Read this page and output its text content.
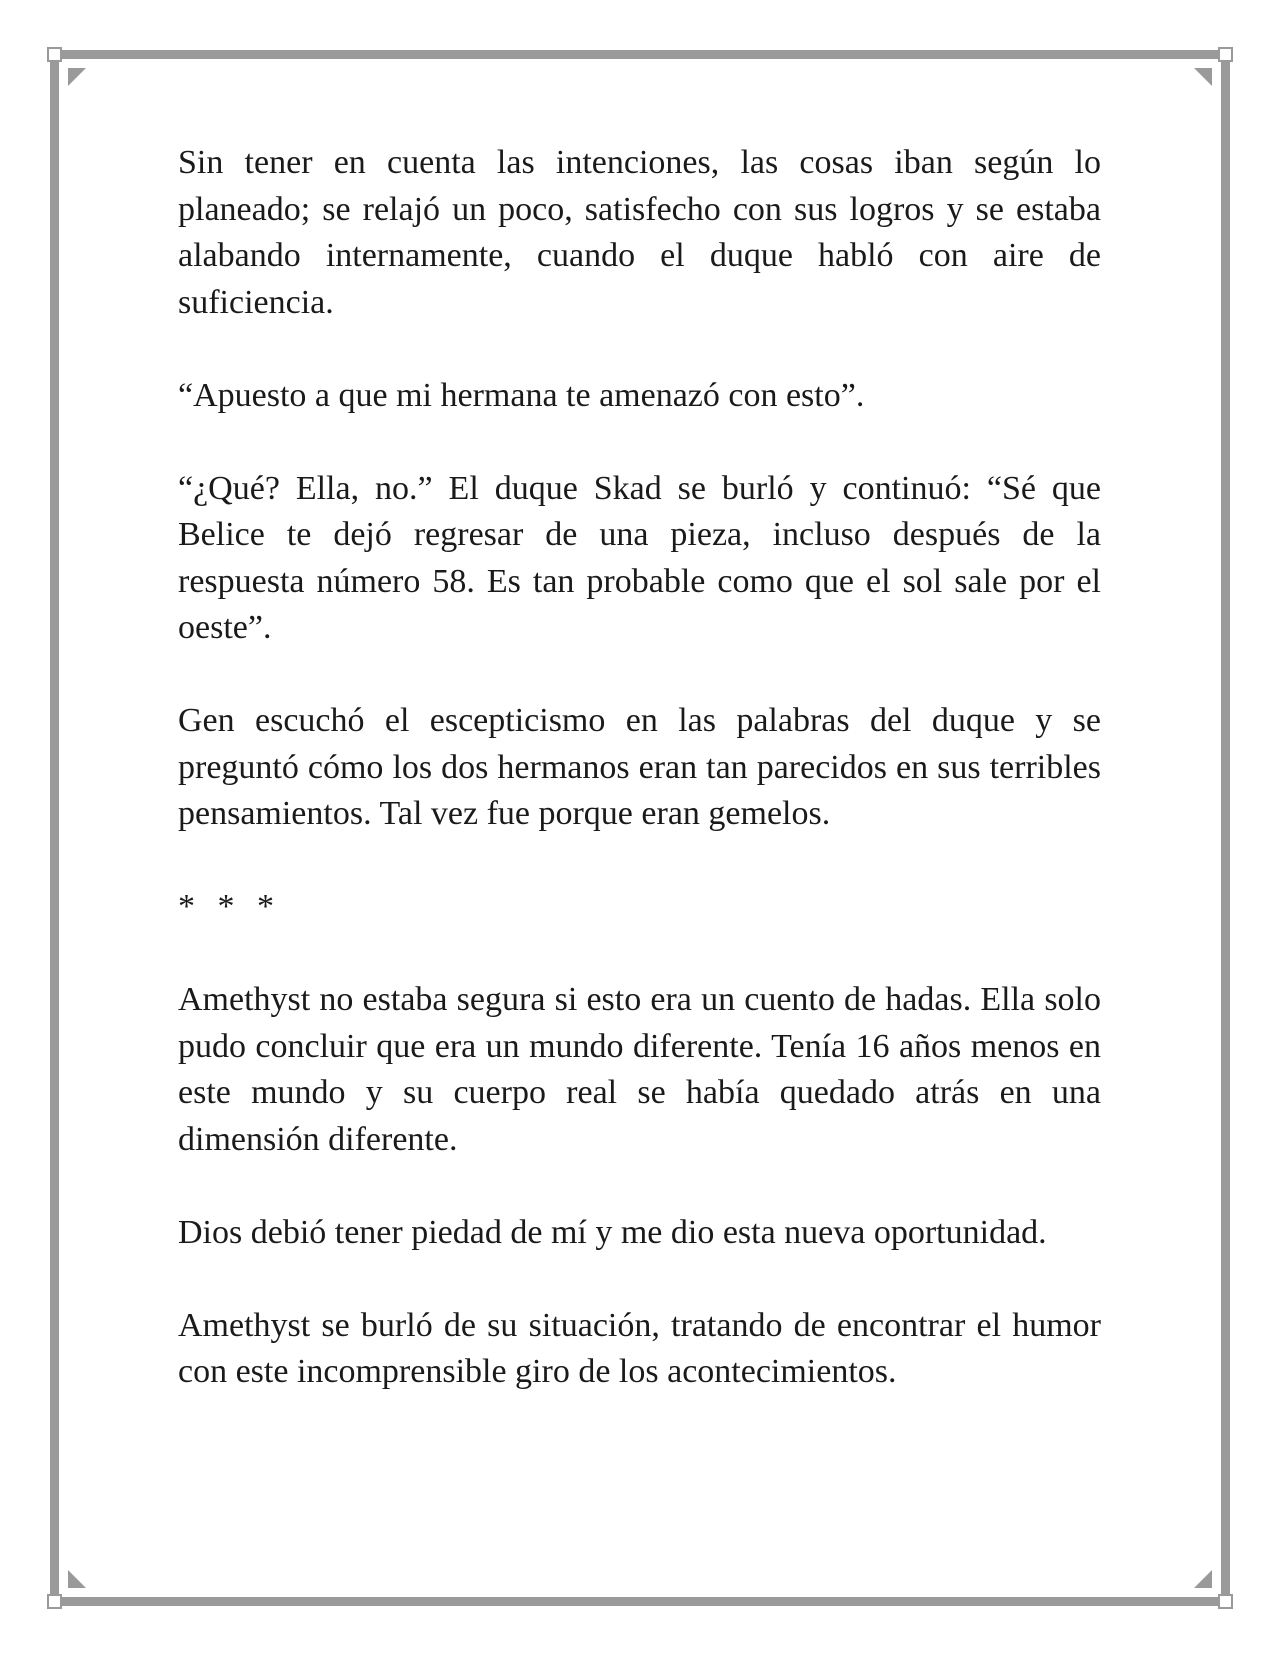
Sin tener en cuenta las intenciones, las cosas iban según lo planeado; se relajó un poco, satisfecho con sus logros y se estaba alabando internamente, cuando el duque habló con aire de suficiencia.

“Apuesto a que mi hermana te amenazó con esto”.

“¿Qué? Ella, no.” El duque Skad se burló y continuó: “Sé que Belice te dejó regresar de una pieza, incluso después de la respuesta número 58. Es tan probable como que el sol sale por el oeste”.

Gen escuchó el escepticismo en las palabras del duque y se preguntó cómo los dos hermanos eran tan parecidos en sus terribles pensamientos. Tal vez fue porque eran gemelos.

* * *

Amethyst no estaba segura si esto era un cuento de hadas. Ella solo pudo concluir que era un mundo diferente. Tenía 16 años menos en este mundo y su cuerpo real se había quedado atrás en una dimensión diferente.

Dios debió tener piedad de mí y me dio esta nueva oportunidad.

Amethyst se burló de su situación, tratando de encontrar el humor con este incomprensible giro de los acontecimientos.
